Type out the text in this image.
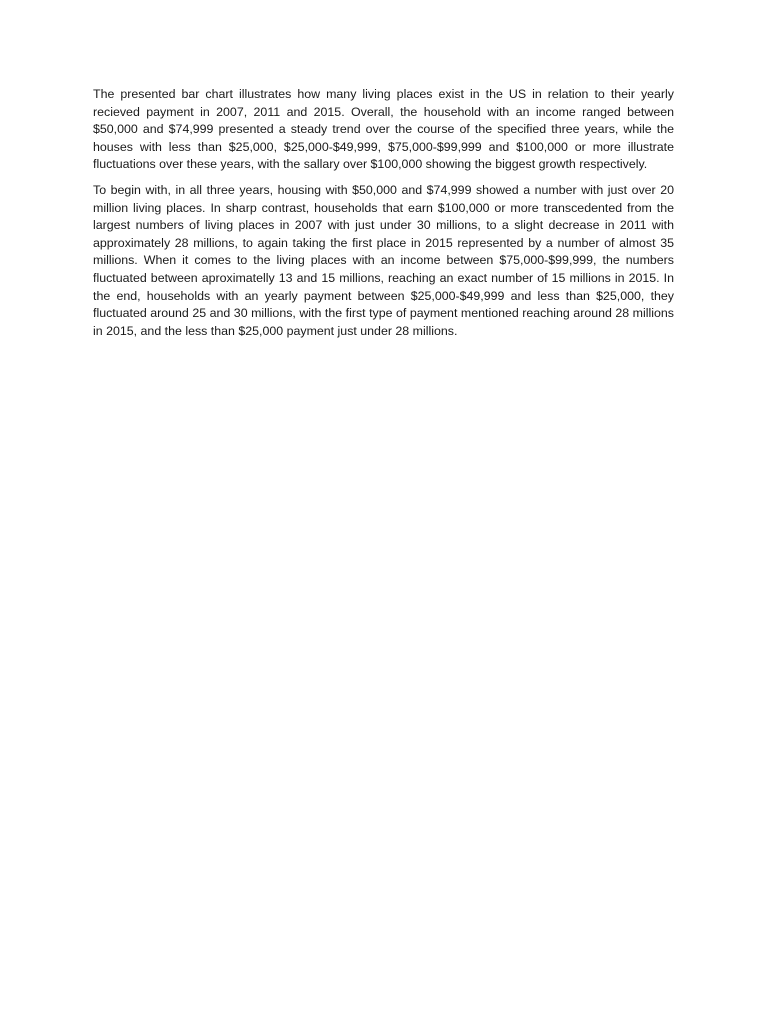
The presented bar chart illustrates how many living places exist in the US in relation to their yearly recieved payment in 2007, 2011 and 2015. Overall, the household with an income ranged between $50,000 and $74,999 presented a steady trend over the course of the specified three years, while the houses with less than $25,000, $25,000-$49,999, $75,000-$99,999 and $100,000 or more illustrate fluctuations over these years, with the sallary over $100,000 showing the biggest growth respectively.

To begin with, in all three years, housing with $50,000 and $74,999 showed a number with just over 20 million living places. In sharp contrast, households that earn $100,000 or more transcedented from the largest numbers of living places in 2007 with just under 30 millions, to a slight decrease in 2011 with approximately 28 millions, to again taking the first place in 2015 represented by a number of almost 35 millions. When it comes to the living places with an income between $75,000-$99,999, the numbers fluctuated between aproximatelly 13 and 15 millions, reaching an exact number of 15 millions in 2015. In the end, households with an yearly payment between $25,000-$49,999 and less than $25,000, they fluctuated around 25 and 30 millions, with the first type of payment mentioned reaching around 28 millions in 2015, and the less than $25,000 payment just under 28 millions.
